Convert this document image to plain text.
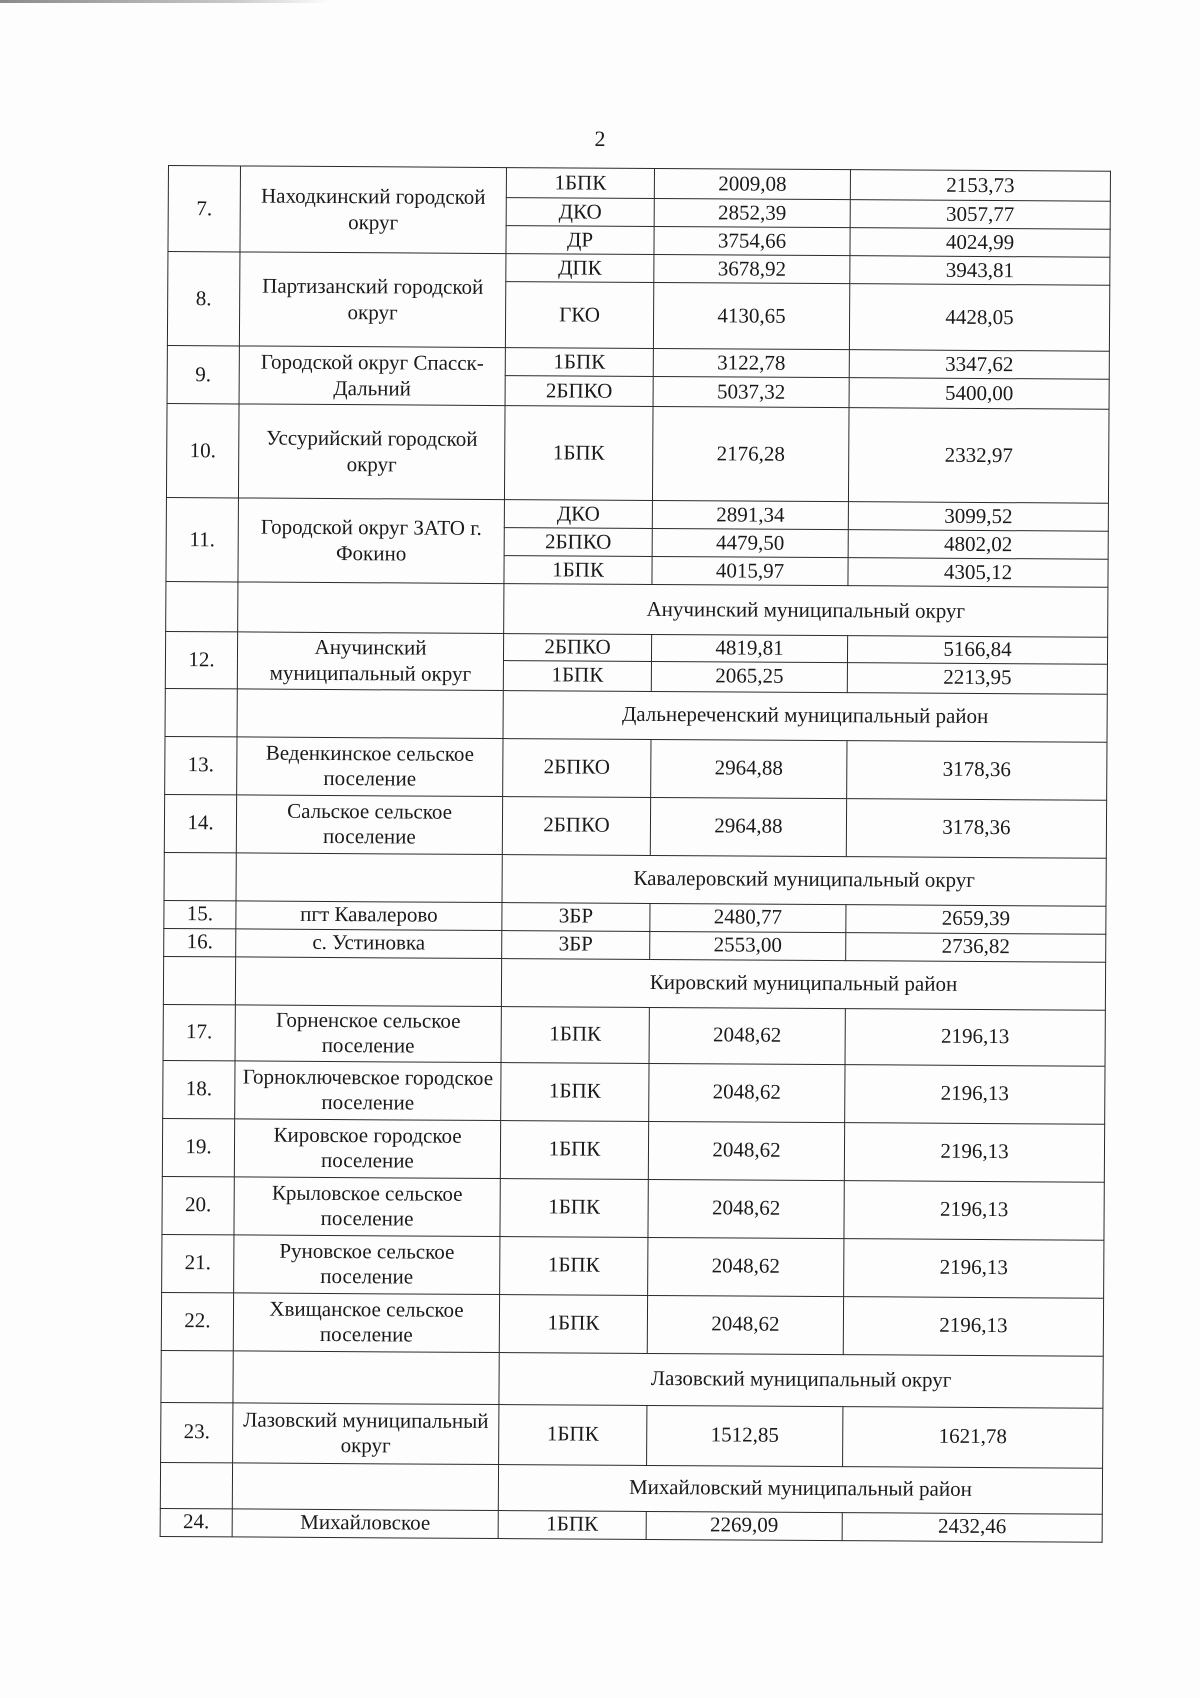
2
7.	Находкинский городской округ	1БПК	2009,08	2153,73
		ДКО	2852,39	3057,77
		ДР	3754,66	4024,99
8.	Партизанский городской округ	ДПК	3678,92	3943,81
		ГКО	4130,65	4428,05
9.	Городской округ Спасск-Дальний	1БПК	3122,78	3347,62
		2БПКО	5037,32	5400,00
10.	Уссурийский городской округ	1БПК	2176,28	2332,97
11.	Городской округ ЗАТО г. Фокино	ДКО	2891,34	3099,52
		2БПКО	4479,50	4802,02
		1БПК	4015,97	4305,12
		Анучинский муниципальный округ		
12.	Анучинский муниципальный округ	2БПКО	4819,81	5166,84
		1БПК	2065,25	2213,95
		Дальнереченский муниципальный район		
13.	Веденкинское сельское поселение	2БПКО	2964,88	3178,36
14.	Сальское сельское поселение	2БПКО	2964,88	3178,36
		Кавалеровский муниципальный округ		
15.	пгт Кавалерово	3БР	2480,77	2659,39
16.	с. Устиновка	3БР	2553,00	2736,82
		Кировский муниципальный район		
17.	Горненское сельское поселение	1БПК	2048,62	2196,13
18.	Горноключевское городское поселение	1БПК	2048,62	2196,13
19.	Кировское городское поселение	1БПК	2048,62	2196,13
20.	Крыловское сельское поселение	1БПК	2048,62	2196,13
21.	Руновское сельское поселение	1БПК	2048,62	2196,13
22.	Хвищанское сельское поселение	1БПК	2048,62	2196,13
		Лазовский муниципальный округ		
23.	Лазовский муниципальный округ	1БПК	1512,85	1621,78
		Михайловский муниципальный район		
24.	Михайловское	1БПК	2269,09	2432,46
